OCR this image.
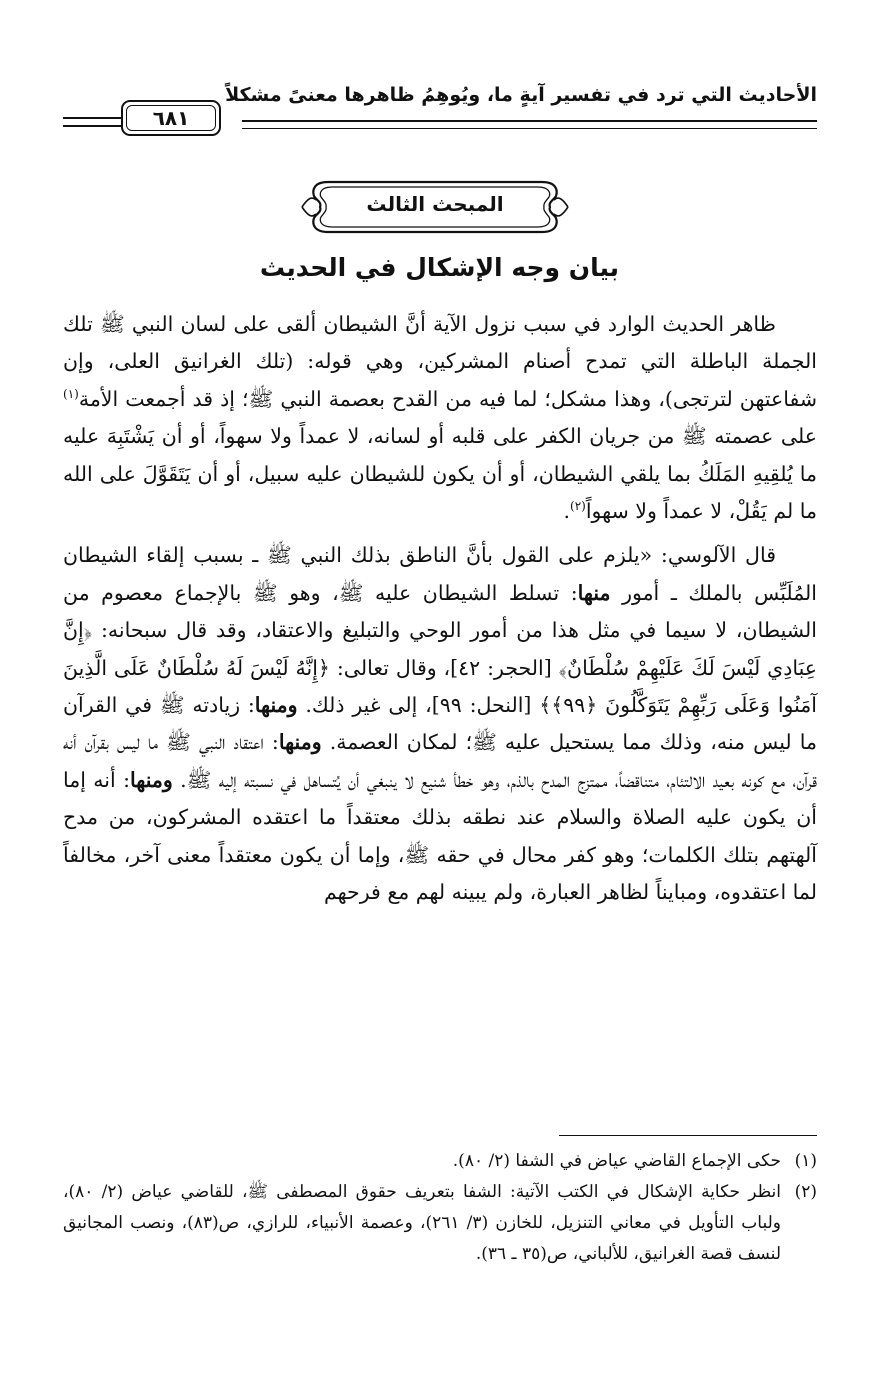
الأحاديث التي ترد في تفسير آيةٍ ما، ويُوهِمُ ظاهرها معنىً مشكلاً
٦٨١
المبحث الثالث
بيان وجه الإشكال في الحديث

ظاهر الحديث الوارد في سبب نزول الآية أنَّ الشيطان ألقى على لسان النبي ﷺ تلك الجملة الباطلة التي تمدح أصنام المشركين، وهي قوله: (تلك الغرانيق العلى، وإن شفاعتهن لترتجى)، وهذا مشكل؛ لما فيه من القدح بعصمة النبي ﷺ؛ إذ قد أجمعت الأمة$^{(١)}$ على عصمته ﷺ من جريان الكفر على قلبه أو لسانه، لا عمداً ولا سهواً، أو أن يَشْتَبِهَ عليه ما يُلقِيهِ المَلَكُ بما يلقي الشيطان، أو أن يكون للشيطان عليه سبيل، أو أن يَتَقَوَّلَ على الله ما لم يَقُلْ، لا عمداً ولا سهواً$^{(٢)}$.

قال الآلوسي: «يلزم على القول بأنَّ الناطق بذلك النبي ﷺ ـ بسبب إلقاء الشيطان المُلَبِّس بالملك ـ أمور منها: تسلط الشيطان عليه ﷺ، وهو ﷺ بالإجماع معصوم من الشيطان، لا سيما في مثل هذا من أمور الوحي والتبليغ والاعتقاد، وقد قال سبحانه: ﴿إِنَّ عِبَادِي لَيْسَ لَكَ عَلَيْهِمْ سُلْطَانٌ﴾ [الحجر: ٤٢]، وقال تعالى: ﴿إِنَّهُ لَيْسَ لَهُ سُلْطَانٌ عَلَى الَّذِينَ آمَنُوا وَعَلَى رَبِّهِمْ يَتَوَكَّلُونَ ﴿٩٩﴾﴾ [النحل: ٩٩]، إلى غير ذلك. ومنها: زيادته ﷺ في القرآن ما ليس منه، وذلك مما يستحيل عليه ﷺ؛ لمكان العصمة. ومنها: اعتقاد النبي ﷺ ما ليس بقرآن أنه قرآن، مع كونه بعيد الالتئام، متناقضاً، ممتزج المدح بالذم، وهو خطأ شنيع لا ينبغي أن يُتساهل في نسبته إليه ﷺ. ومنها: أنه إما أن يكون عليه الصلاة والسلام عند نطقه بذلك معتقداً ما اعتقده المشركون، من مدح آلهتهم بتلك الكلمات؛ وهو كفر محال في حقه ﷺ، وإما أن يكون معتقداً معنى آخر، مخالفاً لما اعتقدوه، ومبايناً لظاهر العبارة، ولم يبينه لهم مع فرحهم

(١)
حكى الإجماع القاضي عياض في الشفا (٢/ ٨٠).
(٢)
انظر حكاية الإشكال في الكتب الآتية: الشفا بتعريف حقوق المصطفى ﷺ، للقاضي عياض (٢/ ٨٠)، ولباب التأويل في معاني التنزيل، للخازن (٣/ ٢٦١)، وعصمة الأنبياء، للرازي، ص(٨٣)، ونصب المجانيق لنسف قصة الغرانيق، للألباني، ص(٣٥ ـ ٣٦).
